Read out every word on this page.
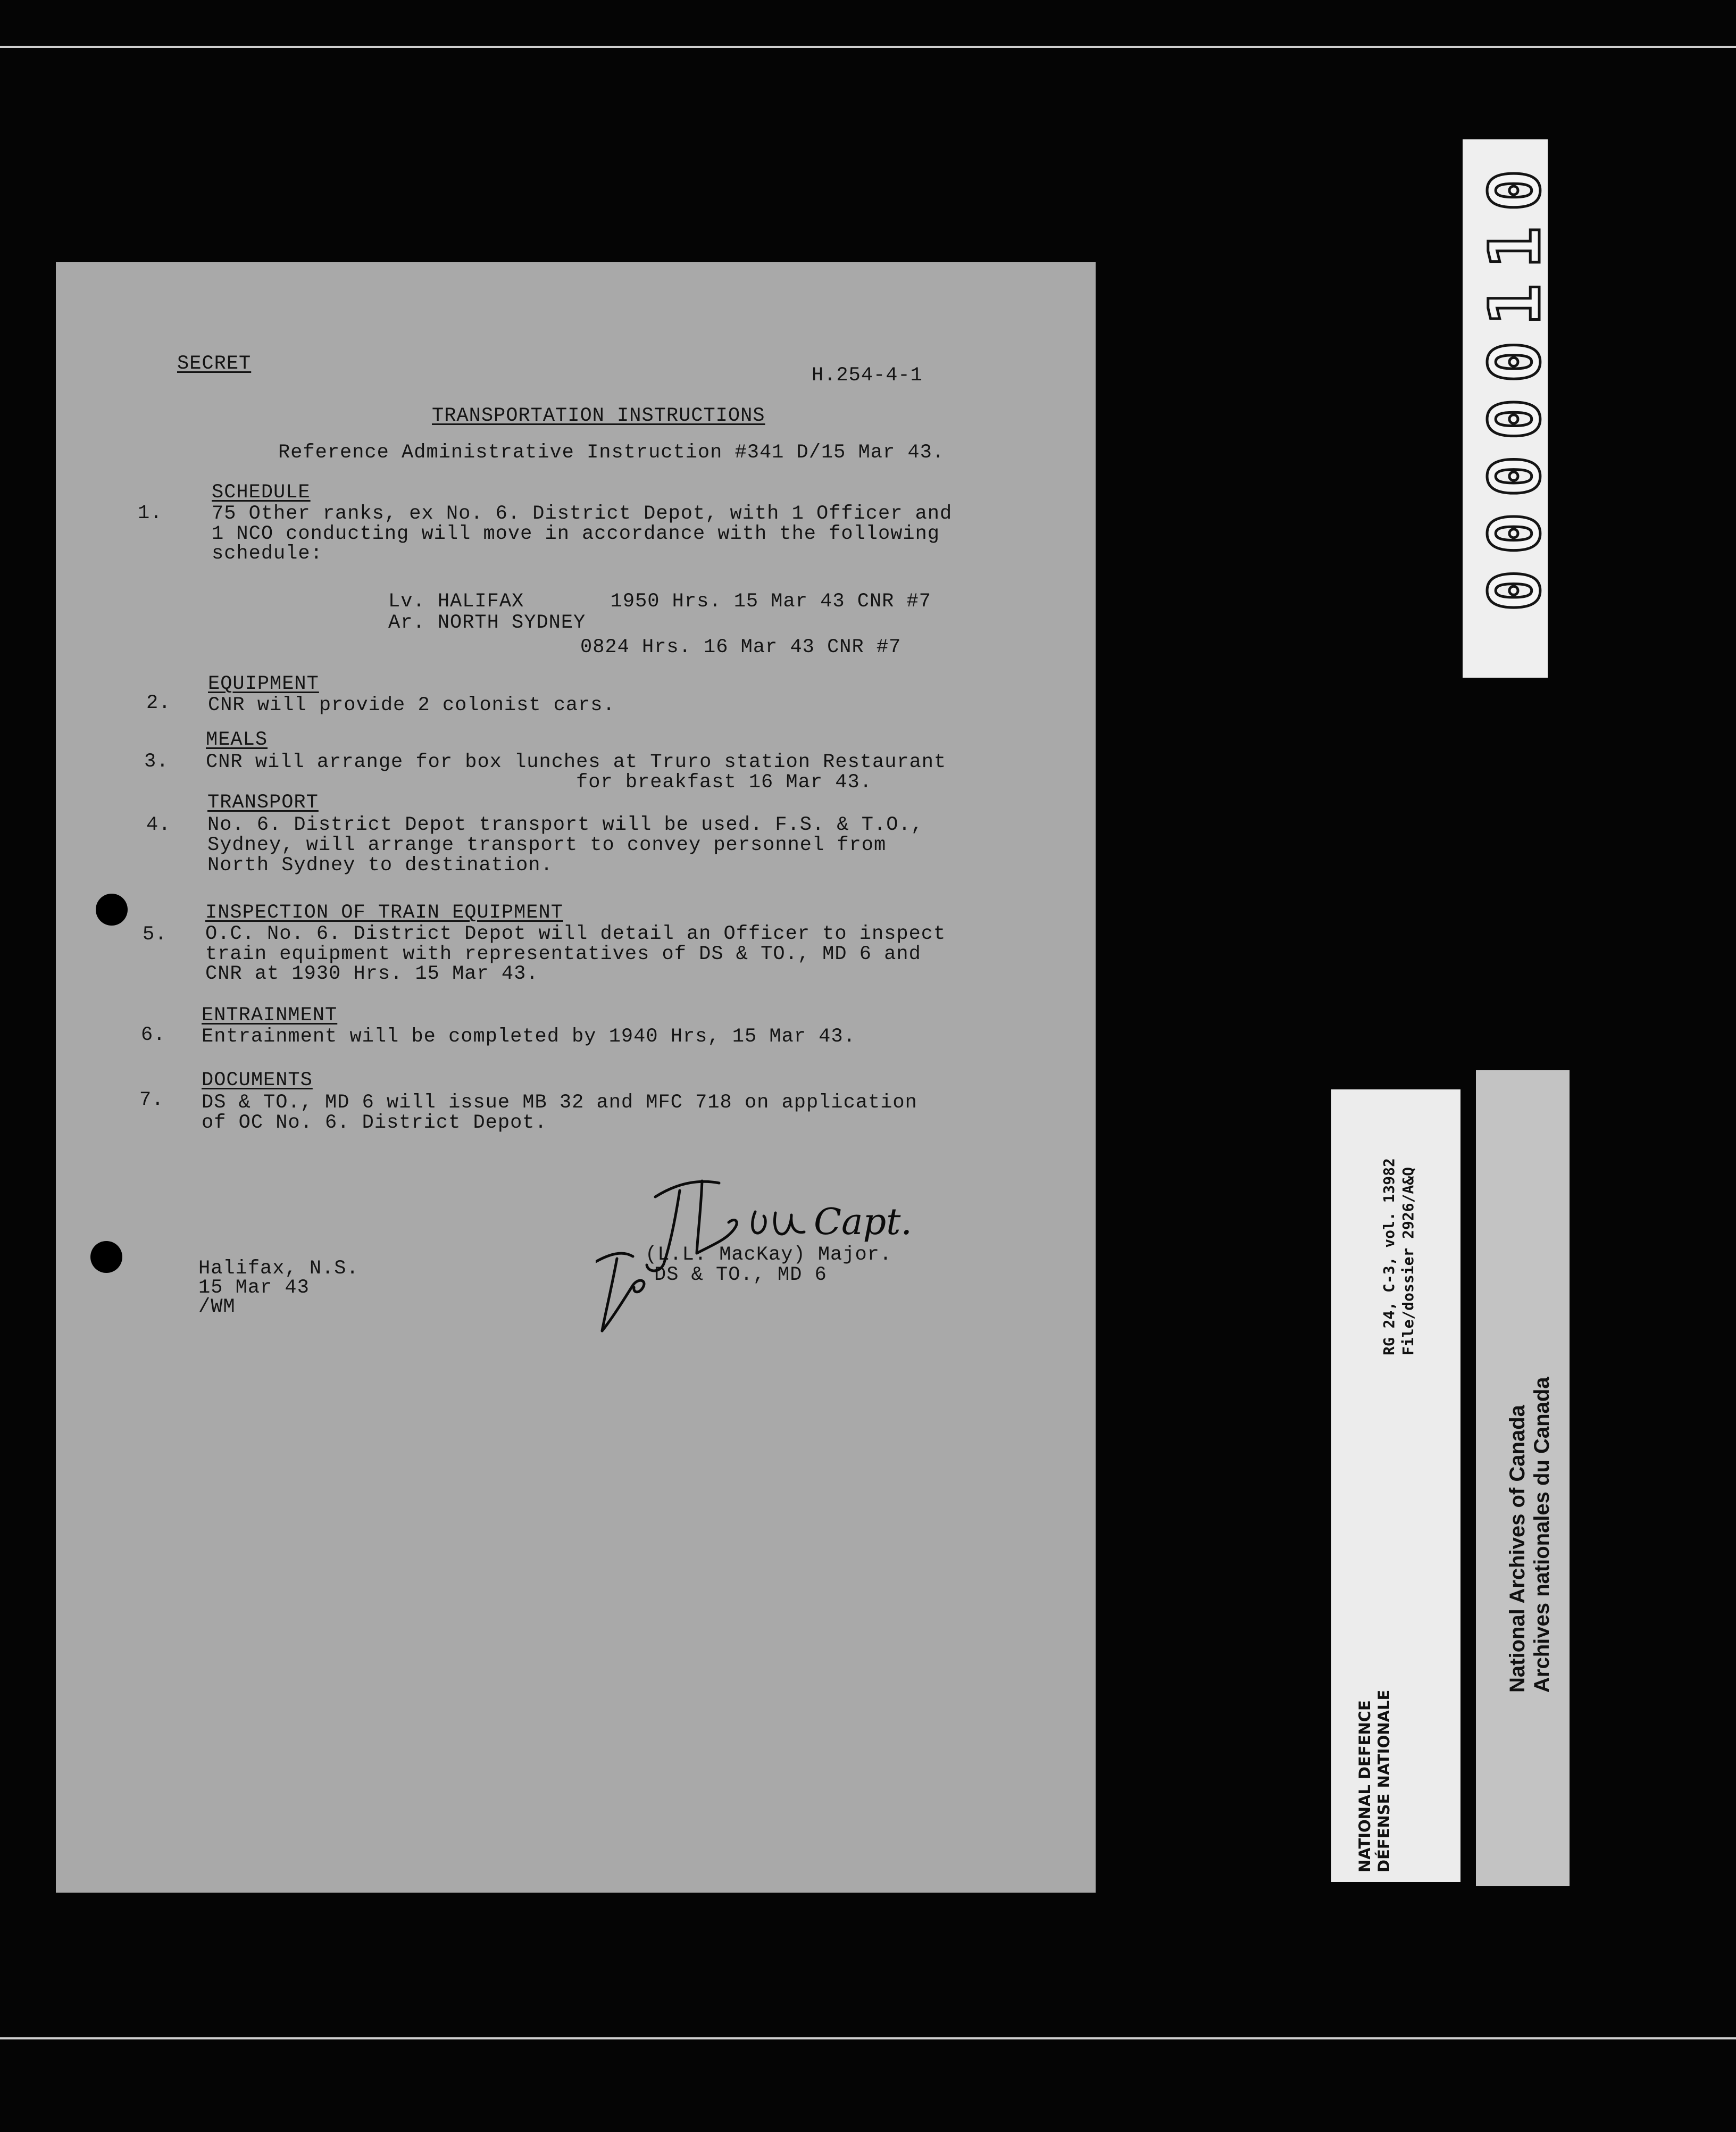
SECRET
H.254-4-1
TRANSPORTATION INSTRUCTIONS
Reference Administrative Instruction #341 D/15 Mar 43.
1.
SCHEDULE
75 Other ranks, ex No. 6. District Depot, with 1 Officer and
1 NCO conducting will move in accordance with the following
schedule:
Lv. HALIFAX       1950 Hrs. 15 Mar 43 CNR #7
Ar. NORTH SYDNEY
0824 Hrs. 16 Mar 43 CNR #7
EQUIPMENT
2. CNR will provide 2 colonist cars.
MEALS
3. CNR will arrange for box lunches at Truro station Restaurant
for breakfast 16 Mar 43.
TRANSPORT
4. No. 6. District Depot transport will be used. F.S. & T.O.,
Sydney, will arrange transport to convey personnel from
North Sydney to destination.
INSPECTION OF TRAIN EQUIPMENT
5. O.C. No. 6. District Depot will detail an Officer to inspect
train equipment with representatives of DS & TO., MD 6 and
CNR at 1930 Hrs. 15 Mar 43.
ENTRAINMENT
6. Entrainment will be completed by 1940 Hrs, 15 Mar 43.
DOCUMENTS
7. DS & TO., MD 6 will issue MB 32 and MFC 718 on application
of OC No. 6. District Depot.
Halifax, N.S.
15 Mar 43
/WM
(L.L. MacKay) Major.
DS & TO., MD 6
Capt.
00000110
NATIONAL DEFENCE DÉFENSE NATIONALE
RG 24, C-3, vol. 13982 File/dossier 2926/A&Q
National Archives of Canada Archives nationales du Canada
